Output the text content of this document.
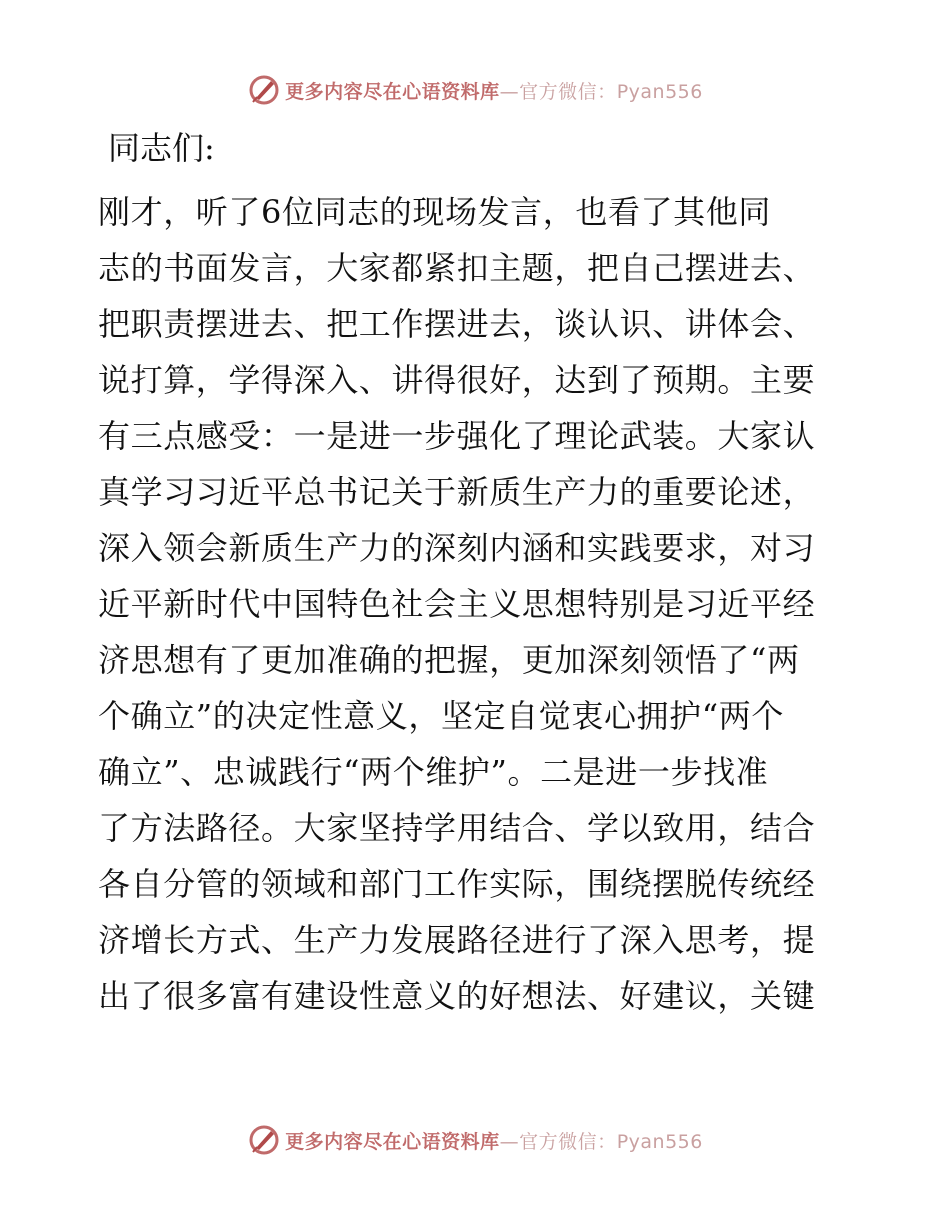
更多内容尽在心语资料库—官方微信：Pyan556
同志们:
刚才，听了6位同志的现场发言，也看了其他同
志的书面发言，大家都紧扣主题，把自己摆进去、
把职责摆进去、把工作摆进去，谈认识、讲体会、
说打算，学得深入、讲得很好，达到了预期。主要
有三点感受：一是进一步强化了理论武装。大家认
真学习习近平总书记关于新质生产力的重要论述，
深入领会新质生产力的深刻内涵和实践要求，对习
近平新时代中国特色社会主义思想特别是习近平经
济思想有了更加准确的把握，更加深刻领悟了“两
个确立”的决定性意义，坚定自觉衷心拥护“两个
确立”、忠诚践行“两个维护”。二是进一步找准
了方法路径。大家坚持学用结合、学以致用，结合
各自分管的领域和部门工作实际，围绕摆脱传统经
济增长方式、生产力发展路径进行了深入思考，提
出了很多富有建设性意义的好想法、好建议，关键
更多内容尽在心语资料库—官方微信：Pyan556
